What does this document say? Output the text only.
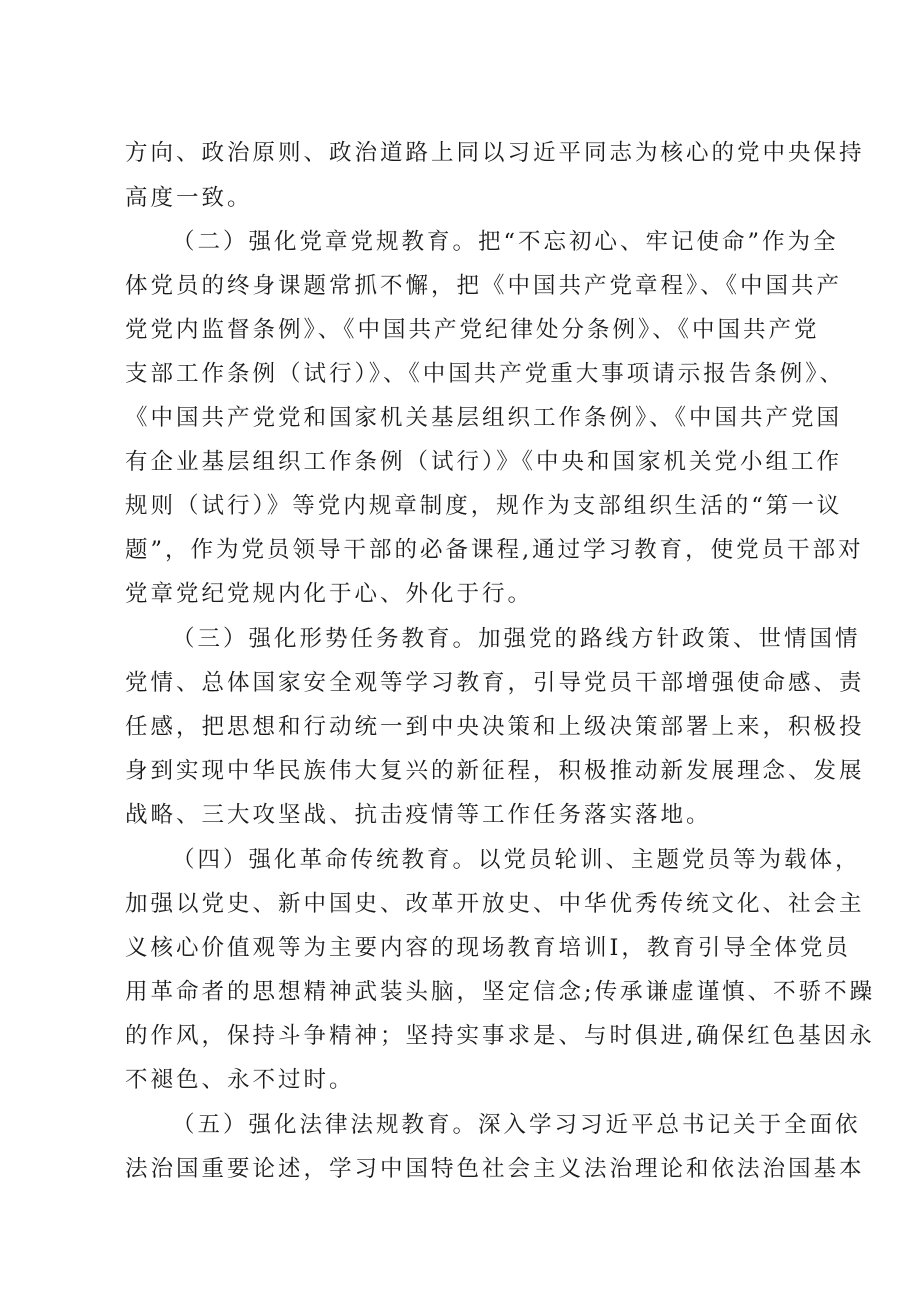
方向、政治原则、政治道路上同以习近平同志为核心的党中央保持
高度一致。
（二）强化党章党规教育。把“不忘初心、牢记使命”作为全
体党员的终身课题常抓不懈，把《中国共产党章程》、《中国共产
党党内监督条例》、《中国共产党纪律处分条例》、《中国共产党
支部工作条例（试行）》、《中国共产党重大事项请示报告条例》、
《中国共产党党和国家机关基层组织工作条例》、《中国共产党国
有企业基层组织工作条例（试行）》《中央和国家机关党小组工作
规则（试行）》等党内规章制度，规作为支部组织生活的“第一议
题”，作为党员领导干部的必备课程,通过学习教育，使党员干部对
党章党纪党规内化于心、外化于行。
（三）强化形势任务教育。加强党的路线方针政策、世情国情
党情、总体国家安全观等学习教育，引导党员干部增强使命感、责
任感，把思想和行动统一到中央决策和上级决策部署上来，积极投
身到实现中华民族伟大复兴的新征程，积极推动新发展理念、发展
战略、三大攻坚战、抗击疫情等工作任务落实落地。
（四）强化革命传统教育。以党员轮训、主题党员等为载体，
加强以党史、新中国史、改革开放史、中华优秀传统文化、社会主
义核心价值观等为主要内容的现场教育培训I，教育引导全体党员
用革命者的思想精神武装头脑，坚定信念;传承谦虚谨慎、不骄不躁
的作风，保持斗争精神；坚持实事求是、与时俱进,确保红色基因永
不褪色、永不过时。
（五）强化法律法规教育。深入学习习近平总书记关于全面依
法治国重要论述，学习中国特色社会主义法治理论和依法治国基本
